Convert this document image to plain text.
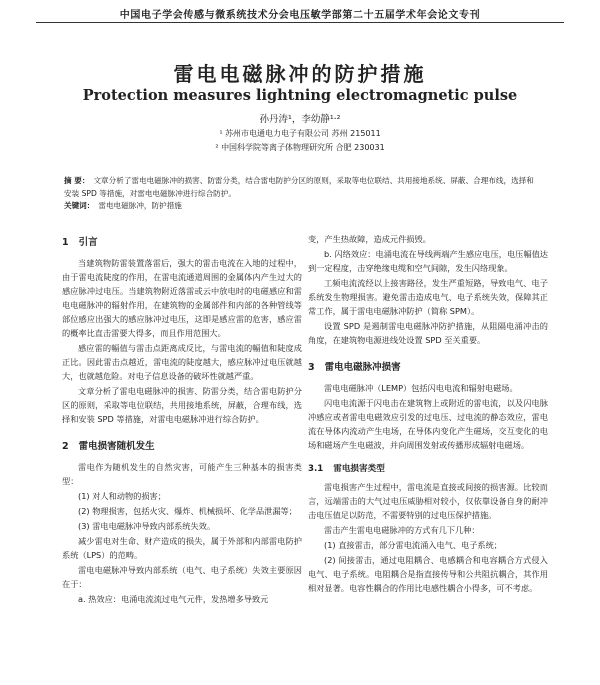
中国电子学会传感与微系统技术分会电压敏学部第二十五届学术年会论文专刊
雷电电磁脉冲的防护措施
Protection measures lightning electromagnetic pulse
孙丹涛¹，李幼静¹·²
¹ 苏州市电通电力电子有限公司 苏州 215011
² 中国科学院等离子体物理研究所 合肥 230031
摘 要： 文章分析了雷电电磁脉冲的损害、防雷分类，结合雷电防护分区的原则，采取等电位联结、共用接地系统、屏蔽、合理布线，选择和安装 SPD 等措施，对雷电电磁脉冲进行综合防护。
关键词： 雷电电磁脉冲，防护措施
1 引言

当建筑物防雷装置落雷后，强大的雷击电流在入地的过程中，由于雷电流陡度的作用，在雷电流通道周围的金属体内产生过大的感应脉冲过电压。当建筑物附近落雷或云中放电时的电磁感应和雷电电磁脉冲的辐射作用，在建筑物的金属部件和内部的各种管线等部位感应出强大的感应脉冲过电压，这即是感应雷的危害，感应雷的概率比直击雷要大得多，而且作用范围大。

感应雷的幅值与雷击点距离成反比，与雷电流的幅值和陡度成正比。因此雷击点越近，雷电流的陡度越大，感应脉冲过电压就越大，也就越危险。对电子信息设备的破坏性就越严重。

文章分析了雷电电磁脉冲的损害、防雷分类，结合雷电防护分区的原则，采取等电位联结，共用接地系统，屏蔽，合理布线，选择和安装 SPD 等措施，对雷电电磁脉冲进行综合防护。

2 雷电损害随机发生

雷电作为随机发生的自然灾害，可能产生三种基本的损害类型：

(1) 对人和动物的损害；

(2) 物理损害，包括火灾、爆炸、机械损坏、化学品泄漏等；

(3) 雷电电磁脉冲导致内部系统失效。

减少雷电对生命、财产造成的损失，属于外部和内部雷电防护系统（LPS）的范畴。

雷电电磁脉冲导致内部系统（电气、电子系统）失效主要原因在于：

a. 热效应：电涌电流流过电气元件，发热增多导致元

变，产生热故障，造成元件损毁。

b. 闪络效应：电涌电流在导线两端产生感应电压，电压幅值达到一定程度，击穿绝缘电缆和空气间隙，发生闪络现象。

工频电流流经以上接害路径，发生严重短路，导致电气、电子系统发生物理损害。避免雷击造成电气、电子系统失效，保障其正常工作，属于雷电电磁脉冲防护（简称 SPM）。

设置 SPD 是遏制雷电电磁脉冲防护措施，从阻隔电涌冲击的角度，在建筑物电源进线处设置 SPD 至关重要。

3 雷电电磁脉冲损害

雷电电磁脉冲（LEMP）包括闪电电流和辐射电磁场。

闪电电流源于闪电击在建筑物上或附近的雷电流，以及闪电脉冲感应或者雷电电磁效应引发的过电压、过电流的静态效应，雷电流在导体内流动产生电场，在导体内变化产生磁场，交互变化的电场和磁场产生电磁波，并向周围发射或传播形成辐射电磁场。

3.1 雷电损害类型

雷电损害产生过程中，雷电流是直接或间接的损害源。比较而言，远端雷击的大气过电压威胁相对较小，仅依靠设备自身的耐冲击电压值足以防范，不需要特别的过电压保护措施。

雷击产生雷电电磁脉冲的方式有几下几种：

(1) 直接雷击，部分雷电流涌入电气、电子系统；

(2) 间接雷击，通过电阻耦合、电感耦合和电容耦合方式侵入电气、电子系统。电阻耦合是指直接传导和公共阻抗耦合，其作用相对显著。电容性耦合的作用比电感性耦合小得多，可不考虑。
